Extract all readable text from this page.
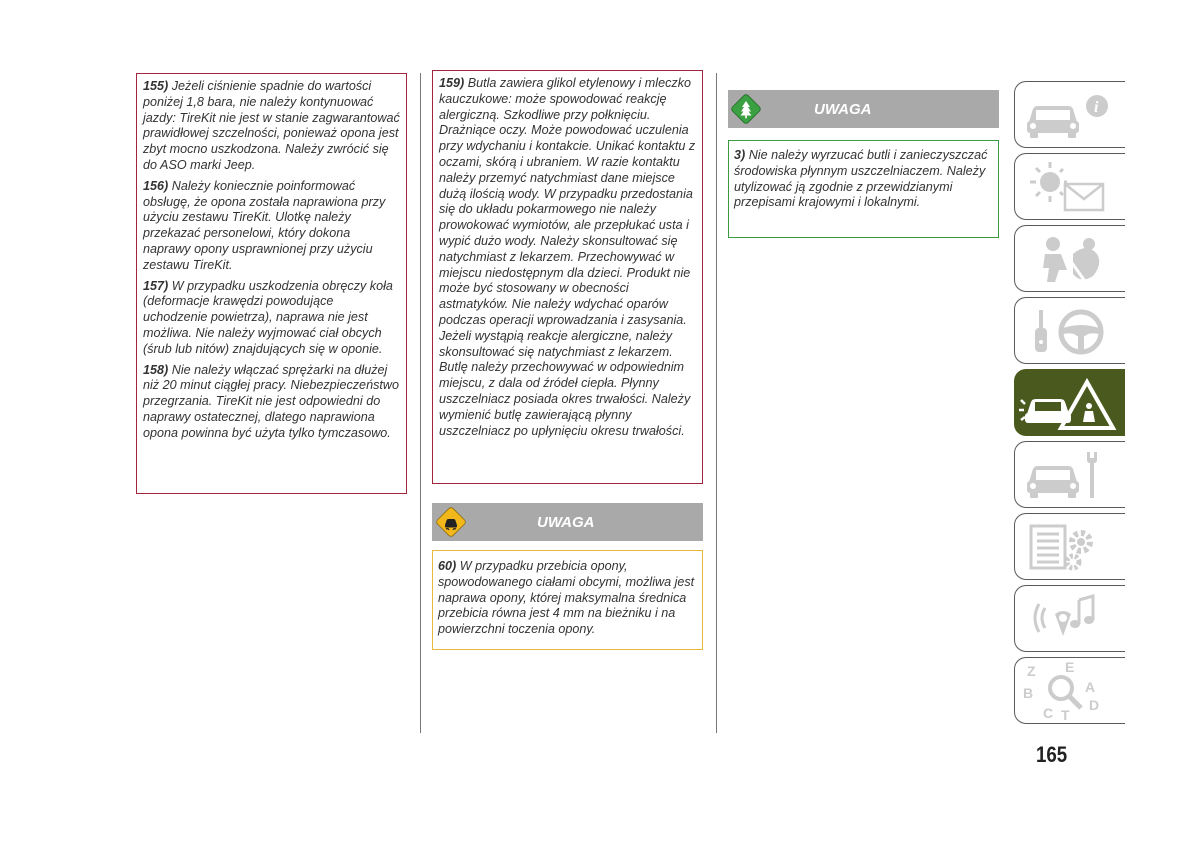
155) Jeżeli ciśnienie spadnie do wartości poniżej 1,8 bara, nie należy kontynuować jazdy: TireKit nie jest w stanie zagwarantować prawidłowej szczelności, ponieważ opona jest zbyt mocno uszkodzona. Należy zwrócić się do ASO marki Jeep.

156) Należy koniecznie poinformować obsługę, że opona została naprawiona przy użyciu zestawu TireKit. Ulotkę należy przekazać personelowi, który dokona naprawy opony usprawnionej przy użyciu zestawu TireKit.

157) W przypadku uszkodzenia obręczy koła (deformacje krawędzi powodujące uchodzenie powietrza), naprawa nie jest możliwa. Nie należy wyjmować ciał obcych (śrub lub nitów) znajdujących się w oponie.

158) Nie należy włączać sprężarki na dłużej niż 20 minut ciągłej pracy. Niebezpieczeństwo przegrzania. TireKit nie jest odpowiedni do naprawy ostatecznej, dlatego naprawiona opona powinna być użyta tylko tymczasowo.

159) Butla zawiera glikol etylenowy i mleczko kauczukowe: może spowodować reakcję alergiczną. Szkodliwe przy połknięciu. Drażniące oczy. Może powodować uczulenia przy wdychaniu i kontakcie. Unikać kontaktu z oczami, skórą i ubraniem. W razie kontaktu należy przemyć natychmiast dane miejsce dużą ilością wody. W przypadku przedostania się do układu pokarmowego nie należy prowokować wymiotów, ale przepłukać usta i wypić dużo wody. Należy skonsultować się natychmiast z lekarzem. Przechowywać w miejscu niedostępnym dla dzieci. Produkt nie może być stosowany w obecności astmatyków. Nie należy wdychać oparów podczas operacji wprowadzania i zasysania. Jeżeli wystąpią reakcje alergiczne, należy skonsultować się natychmiast z lekarzem. Butlę należy przechowywać w odpowiednim miejscu, z dala od źródeł ciepła. Płynny uszczelniacz posiada okres trwałości. Należy wymienić butlę zawierającą płynny uszczelniacz po upłynięciu okresu trwałości.

UWAGA

60) W przypadku przebicia opony, spowodowanego ciałami obcymi, możliwa jest naprawa opony, której maksymalna średnica przebicia równa jest 4 mm na bieżniku i na powierzchni toczenia opony.

UWAGA

3) Nie należy wyrzucać butli i zanieczyszczać środowiska płynnym uszczelniaczem. Należy utylizować ją zgodnie z przewidzianymi przepisami krajowymi i lokalnymi.

i
Z E
B	A
C T
D
165
